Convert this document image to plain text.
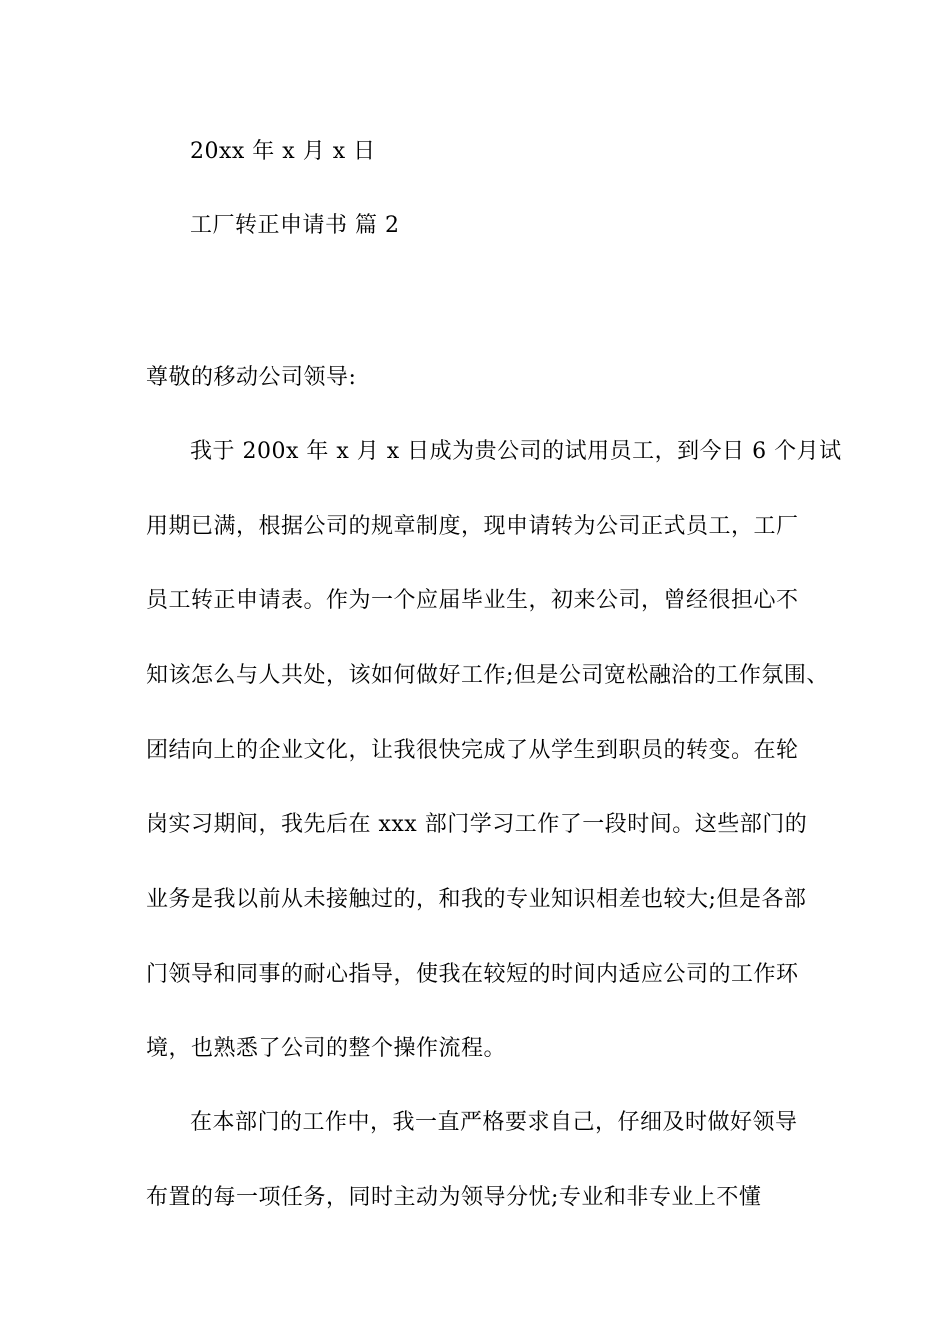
20xx 年 x 月 x 日
工厂转正申请书 篇 2
尊敬的移动公司领导:
我于 200x 年 x 月 x 日成为贵公司的试用员工，到今日 6 个月试
用期已满，根据公司的规章制度，现申请转为公司正式员工，工厂
员工转正申请表。作为一个应届毕业生，初来公司，曾经很担心不
知该怎么与人共处，该如何做好工作;但是公司宽松融洽的工作氛围、
团结向上的企业文化，让我很快完成了从学生到职员的转变。在轮
岗实习期间，我先后在 xxx 部门学习工作了一段时间。这些部门的
业务是我以前从未接触过的，和我的专业知识相差也较大;但是各部
门领导和同事的耐心指导，使我在较短的时间内适应公司的工作环
境，也熟悉了公司的整个操作流程。
在本部门的工作中，我一直严格要求自己，仔细及时做好领导
布置的每一项任务，同时主动为领导分忧;专业和非专业上不懂
